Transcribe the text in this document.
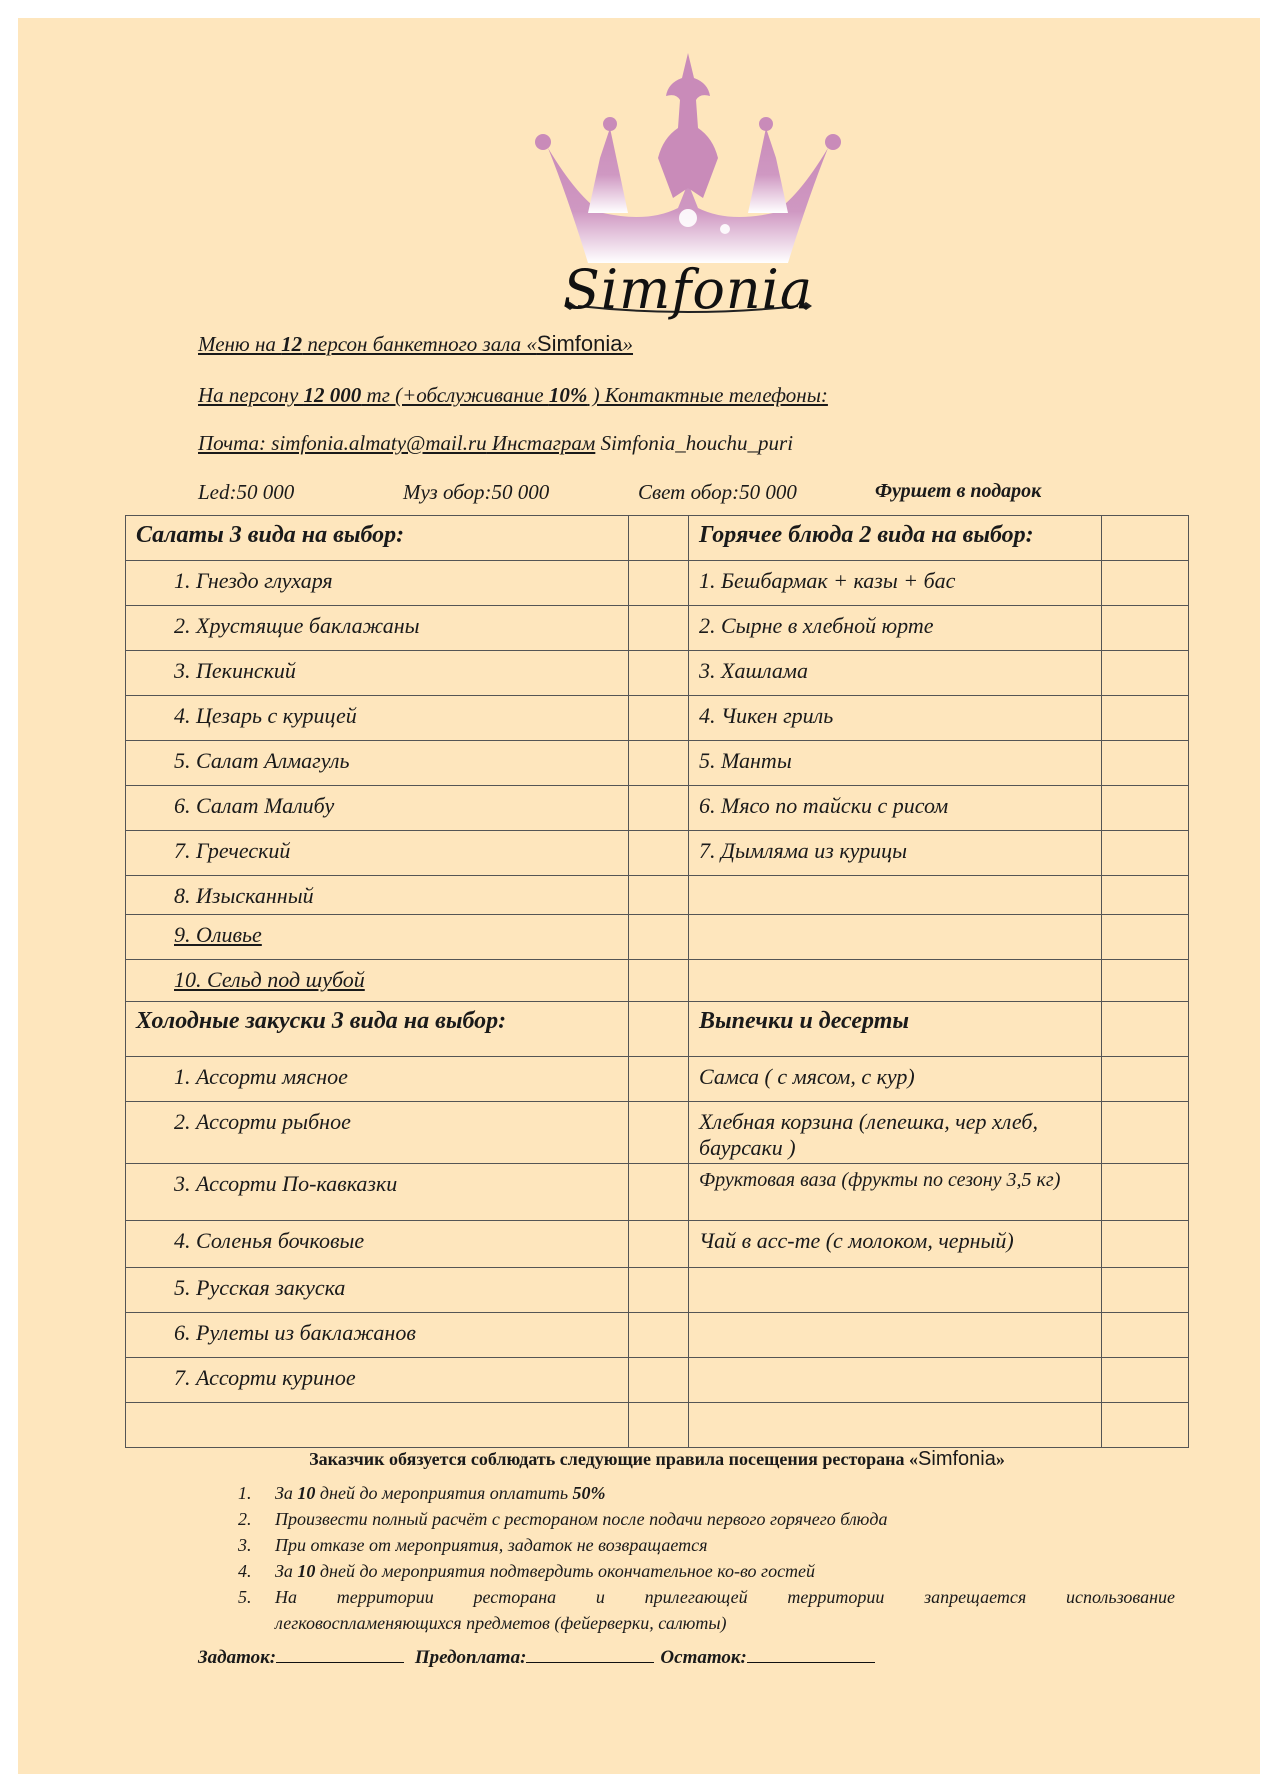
Simfonia
Меню на 12 персон банкетного зала «Simfonia»
На персону 12 000 тг (+обслуживание 10% ) Контактные телефоны:
Почта: simfonia.almaty@mail.ru Инстаграм Simfonia_houchu_puri
Led:50 000	Муз обор:50 000	Свет обор:50 000	Фуршет в подарок
Салаты 3 вида на выбор:		Горячее блюда 2 вида на выбор:	
1. Гнездо глухаря		1. Бешбармак + казы + бас	
2. Хрустящие баклажаны		2. Сырне в хлебной юрте	
3. Пекинский		3. Хашлама	
4. Цезарь с курицей		4. Чикен гриль	
5. Салат Алмагуль		5. Манты	
6. Салат Малибу		6. Мясо по тайски с рисом	
7. Греческий		7. Дымляма из курицы	
8. Изысканный			
9. Оливье			
10. Сельд под шубой			
Холодные закуски 3 вида на выбор:		Выпечки и десерты	
1. Ассорти мясное		Самса ( с мясом, с кур)	
2. Ассорти рыбное		Хлебная корзина (лепешка, чер хлеб, баурсаки )	
3. Ассорти По-кавказки		Фруктовая ваза (фрукты по сезону 3,5 кг)	
4. Соленья бочковые		Чай в асс-те (с молоком, черный)	
5. Русская закуска			
6. Рулеты из баклажанов			
7. Ассорти куриное			

Заказчик обязуется соблюдать следующие правила посещения ресторана «Simfonia»
1. За 10 дней до мероприятия оплатить 50%
2. Произвести полный расчёт с рестораном после подачи первого горячего блюда
3. При отказе от мероприятия, задаток не возвращается
4. За 10 дней до мероприятия подтвердить окончательное ко-во гостей
5. На территории ресторана и прилегающей территории запрещается использование
легковоспламеняющихся предметов (фейерверки, салюты)
Задаток:	Предоплата:	Остаток:
